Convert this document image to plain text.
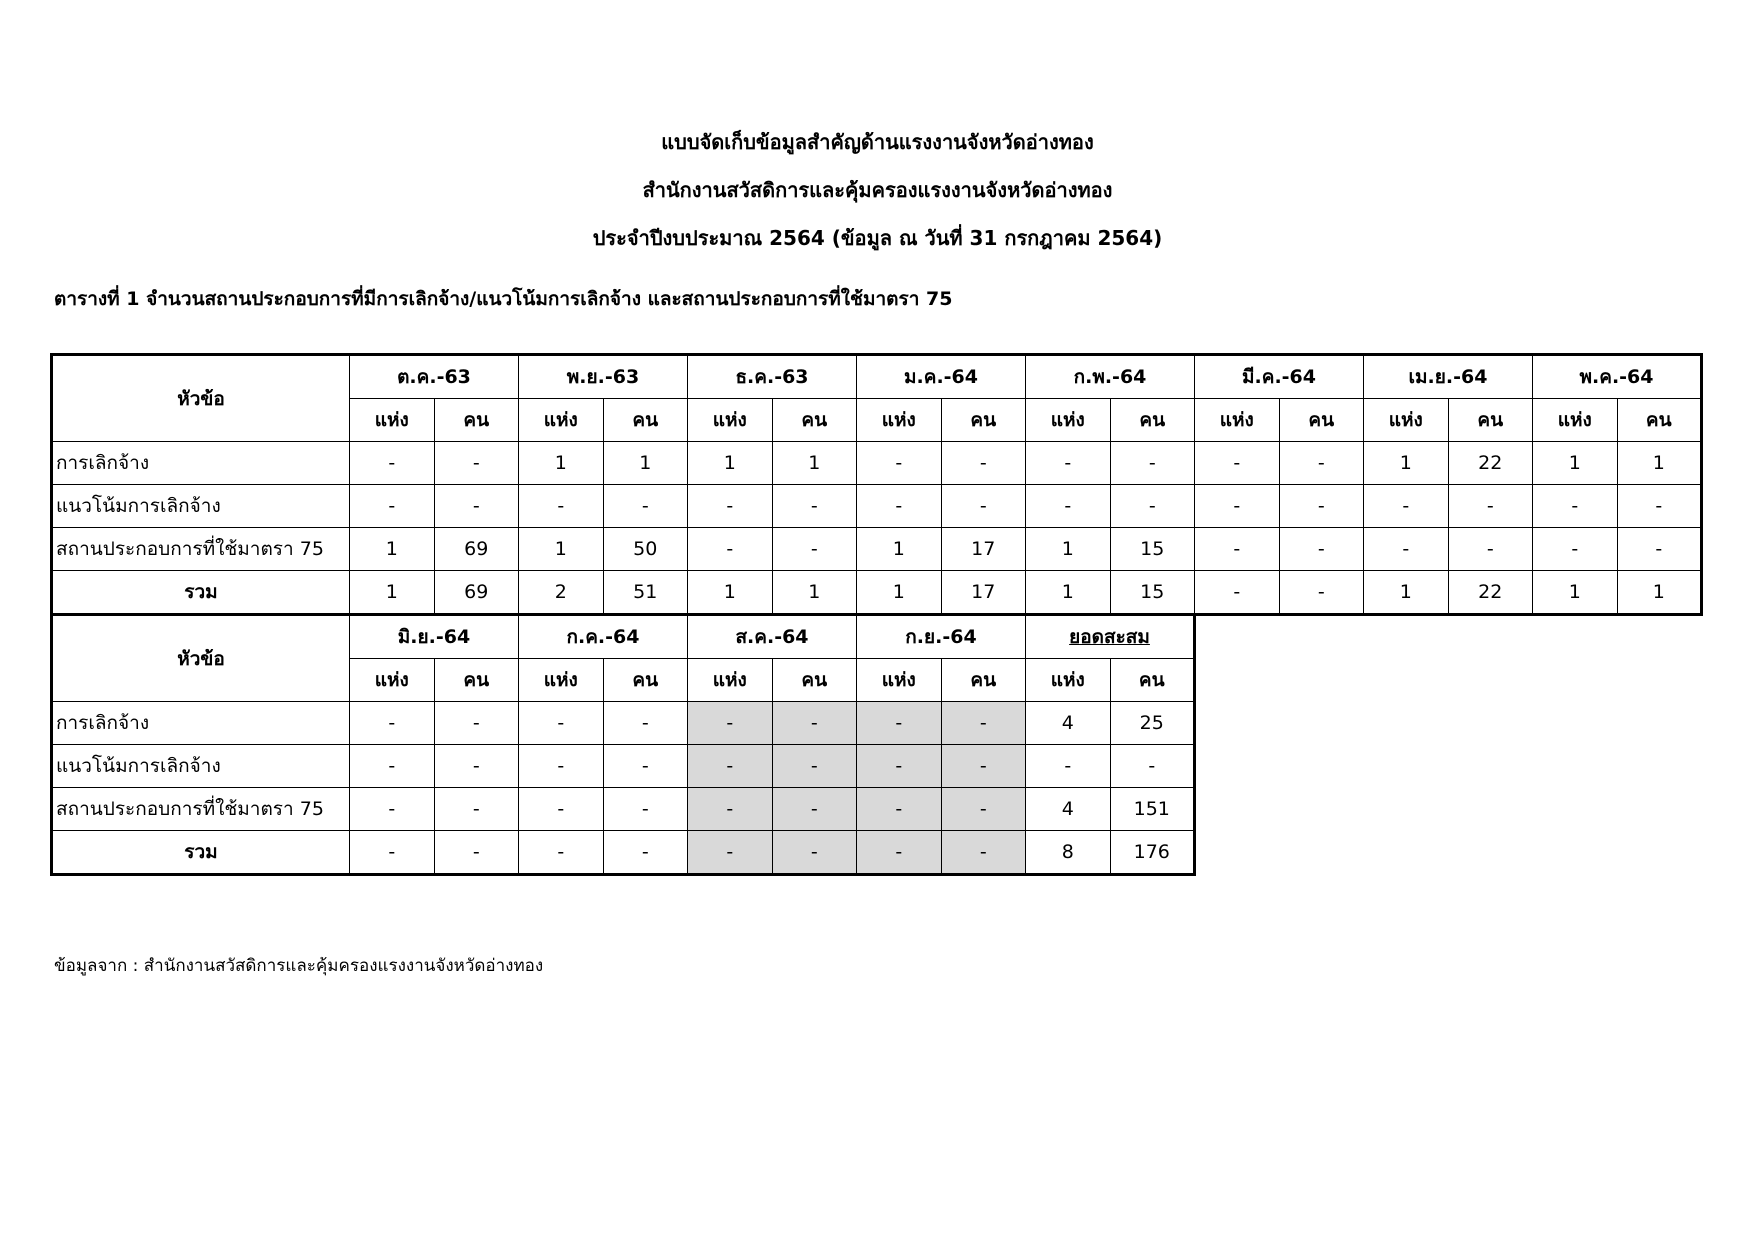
แบบจัดเก็บข้อมูลสำคัญด้านแรงงานจังหวัดอ่างทอง
สำนักงานสวัสดิการและคุ้มครองแรงงานจังหวัดอ่างทอง
ประจำปีงบประมาณ 2564 (ข้อมูล ณ วันที่ 31 กรกฎาคม 2564)
ตารางที่ 1 จำนวนสถานประกอบการที่มีการเลิกจ้าง/แนวโน้มการเลิกจ้าง และสถานประกอบการที่ใช้มาตรา 75
หัวข้อ	ต.ค.-63		พ.ย.-63		ธ.ค.-63		ม.ค.-64		ก.พ.-64		มี.ค.-64		เม.ย.-64		พ.ค.-64	
	แห่ง	คน	แห่ง	คน	แห่ง	คน	แห่ง	คน	แห่ง	คน	แห่ง	คน	แห่ง	คน	แห่ง	คน
การเลิกจ้าง	-	-	1	1	1	1	-	-	-	-	-	-	1	22	1	1
แนวโน้มการเลิกจ้าง	-	-	-	-	-	-	-	-	-	-	-	-	-	-	-	-
สถานประกอบการที่ใช้มาตรา 75	1	69	1	50	-	-	1	17	1	15	-	-	-	-	-	-
รวม	1	69	2	51	1	1	1	17	1	15	-	-	1	22	1	1
หัวข้อ	มิ.ย.-64		ก.ค.-64		ส.ค.-64		ก.ย.-64		ยอดสะสม	
	แห่ง	คน	แห่ง	คน	แห่ง	คน	แห่ง	คน	แห่ง	คน
การเลิกจ้าง	-	-	-	-	-	-	-	-	4	25
แนวโน้มการเลิกจ้าง	-	-	-	-	-	-	-	-	-	-
สถานประกอบการที่ใช้มาตรา 75	-	-	-	-	-	-	-	-	4	151
รวม	-	-	-	-	-	-	-	-	8	176
ข้อมูลจาก : สำนักงานสวัสดิการและคุ้มครองแรงงานจังหวัดอ่างทอง
